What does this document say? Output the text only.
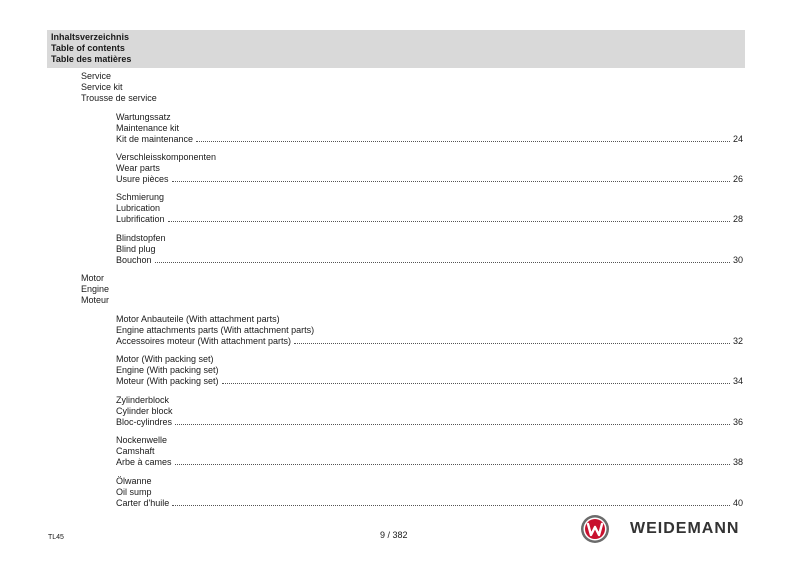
Inhaltsverzeichnis
Table of contents
Table des matières
Service
Service kit
Trousse de service
Wartungssatz
Maintenance kit
Kit de maintenance	24
Verschleisskomponenten
Wear parts
Usure pièces	26
Schmierung
Lubrication
Lubrification	28
Blindstopfen
Blind plug
Bouchon	30
Motor
Engine
Moteur
Motor Anbauteile (With attachment parts)
Engine attachments parts (With attachment parts)
Accessoires moteur (With attachment parts)	32
Motor (With packing set)
Engine (With packing set)
Moteur (With packing set)	34
Zylinderblock
Cylinder block
Bloc-cylindres	36
Nockenwelle
Camshaft
Arbe à cames	38
Ölwanne
Oil sump
Carter d'huile	40
TL45	9 / 382	WEIDEMANN
